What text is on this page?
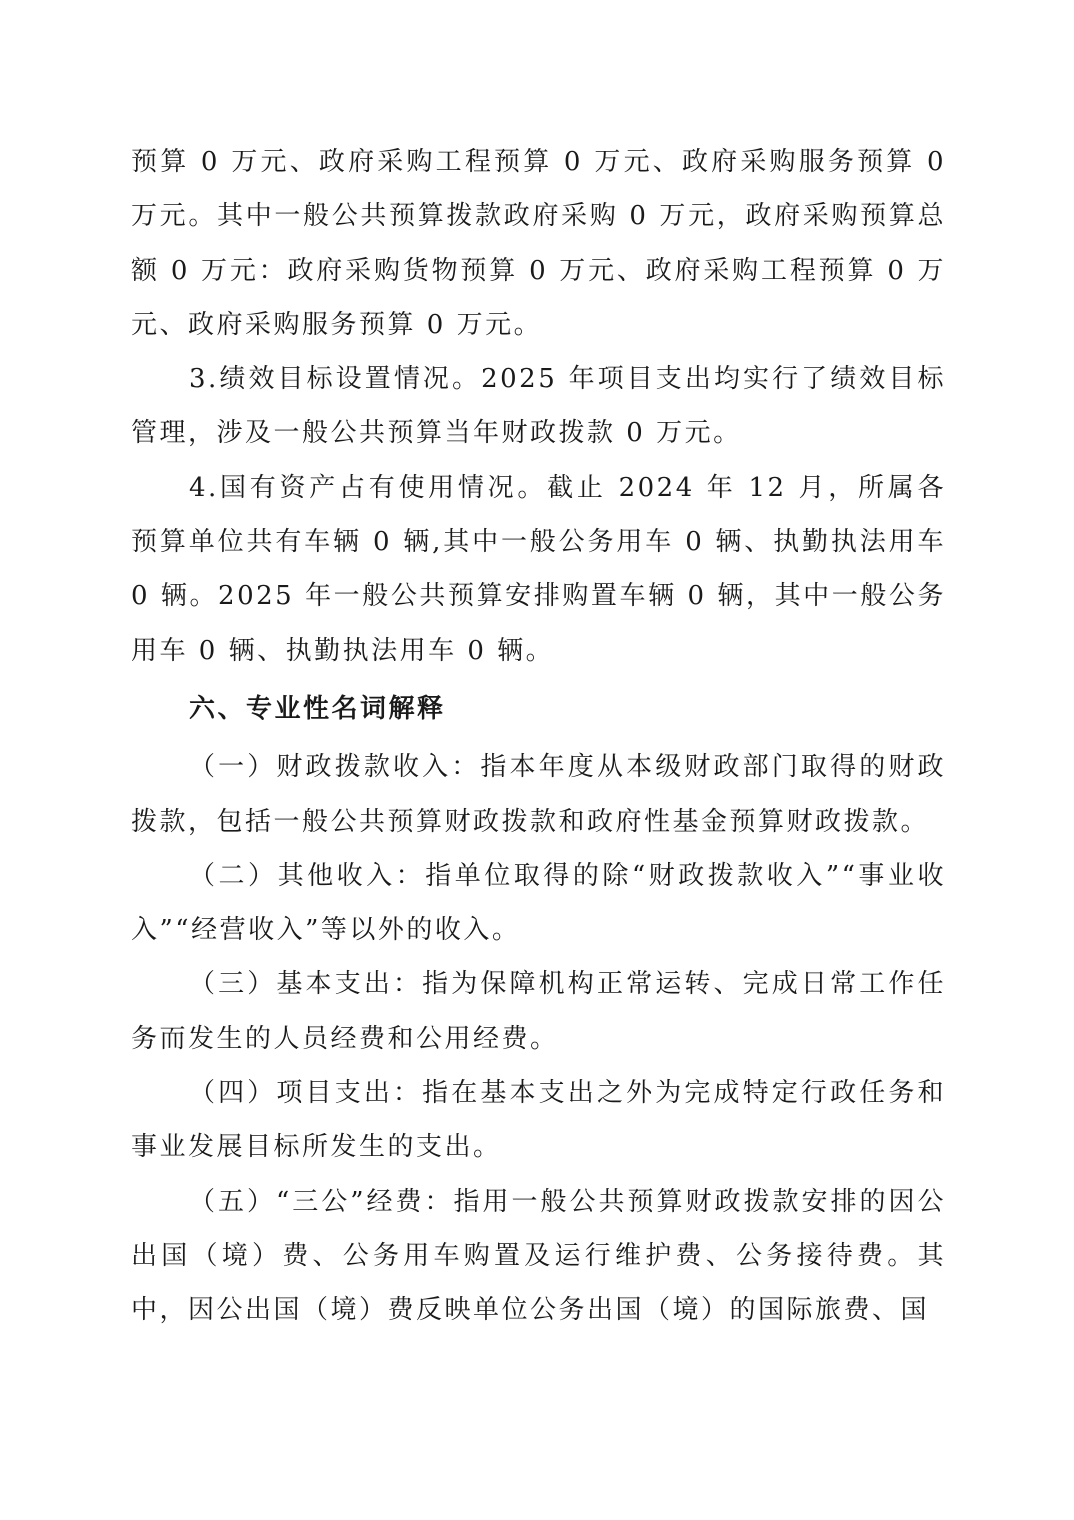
预算 0 万元、政府采购工程预算 0 万元、政府采购服务预算 0 万元。其中一般公共预算拨款政府采购 0 万元，政府采购预算总额 0 万元：政府采购货物预算 0 万元、政府采购工程预算 0 万元、政府采购服务预算 0 万元。

3.绩效目标设置情况。2025 年项目支出均实行了绩效目标管理，涉及一般公共预算当年财政拨款 0 万元。

4.国有资产占有使用情况。截止 2024 年 12 月，所属各预算单位共有车辆 0 辆,其中一般公务用车 0 辆、执勤执法用车 0 辆。2025 年一般公共预算安排购置车辆 0 辆，其中一般公务用车 0 辆、执勤执法用车 0 辆。

六、专业性名词解释

（一）财政拨款收入：指本年度从本级财政部门取得的财政拨款，包括一般公共预算财政拨款和政府性基金预算财政拨款。

（二）其他收入：指单位取得的除“财政拨款收入”“事业收入”“经营收入”等以外的收入。

（三）基本支出：指为保障机构正常运转、完成日常工作任务而发生的人员经费和公用经费。

（四）项目支出：指在基本支出之外为完成特定行政任务和事业发展目标所发生的支出。

（五）“三公”经费：指用一般公共预算财政拨款安排的因公出国（境）费、公务用车购置及运行维护费、公务接待费。其中，因公出国（境）费反映单位公务出国（境）的国际旅费、国
